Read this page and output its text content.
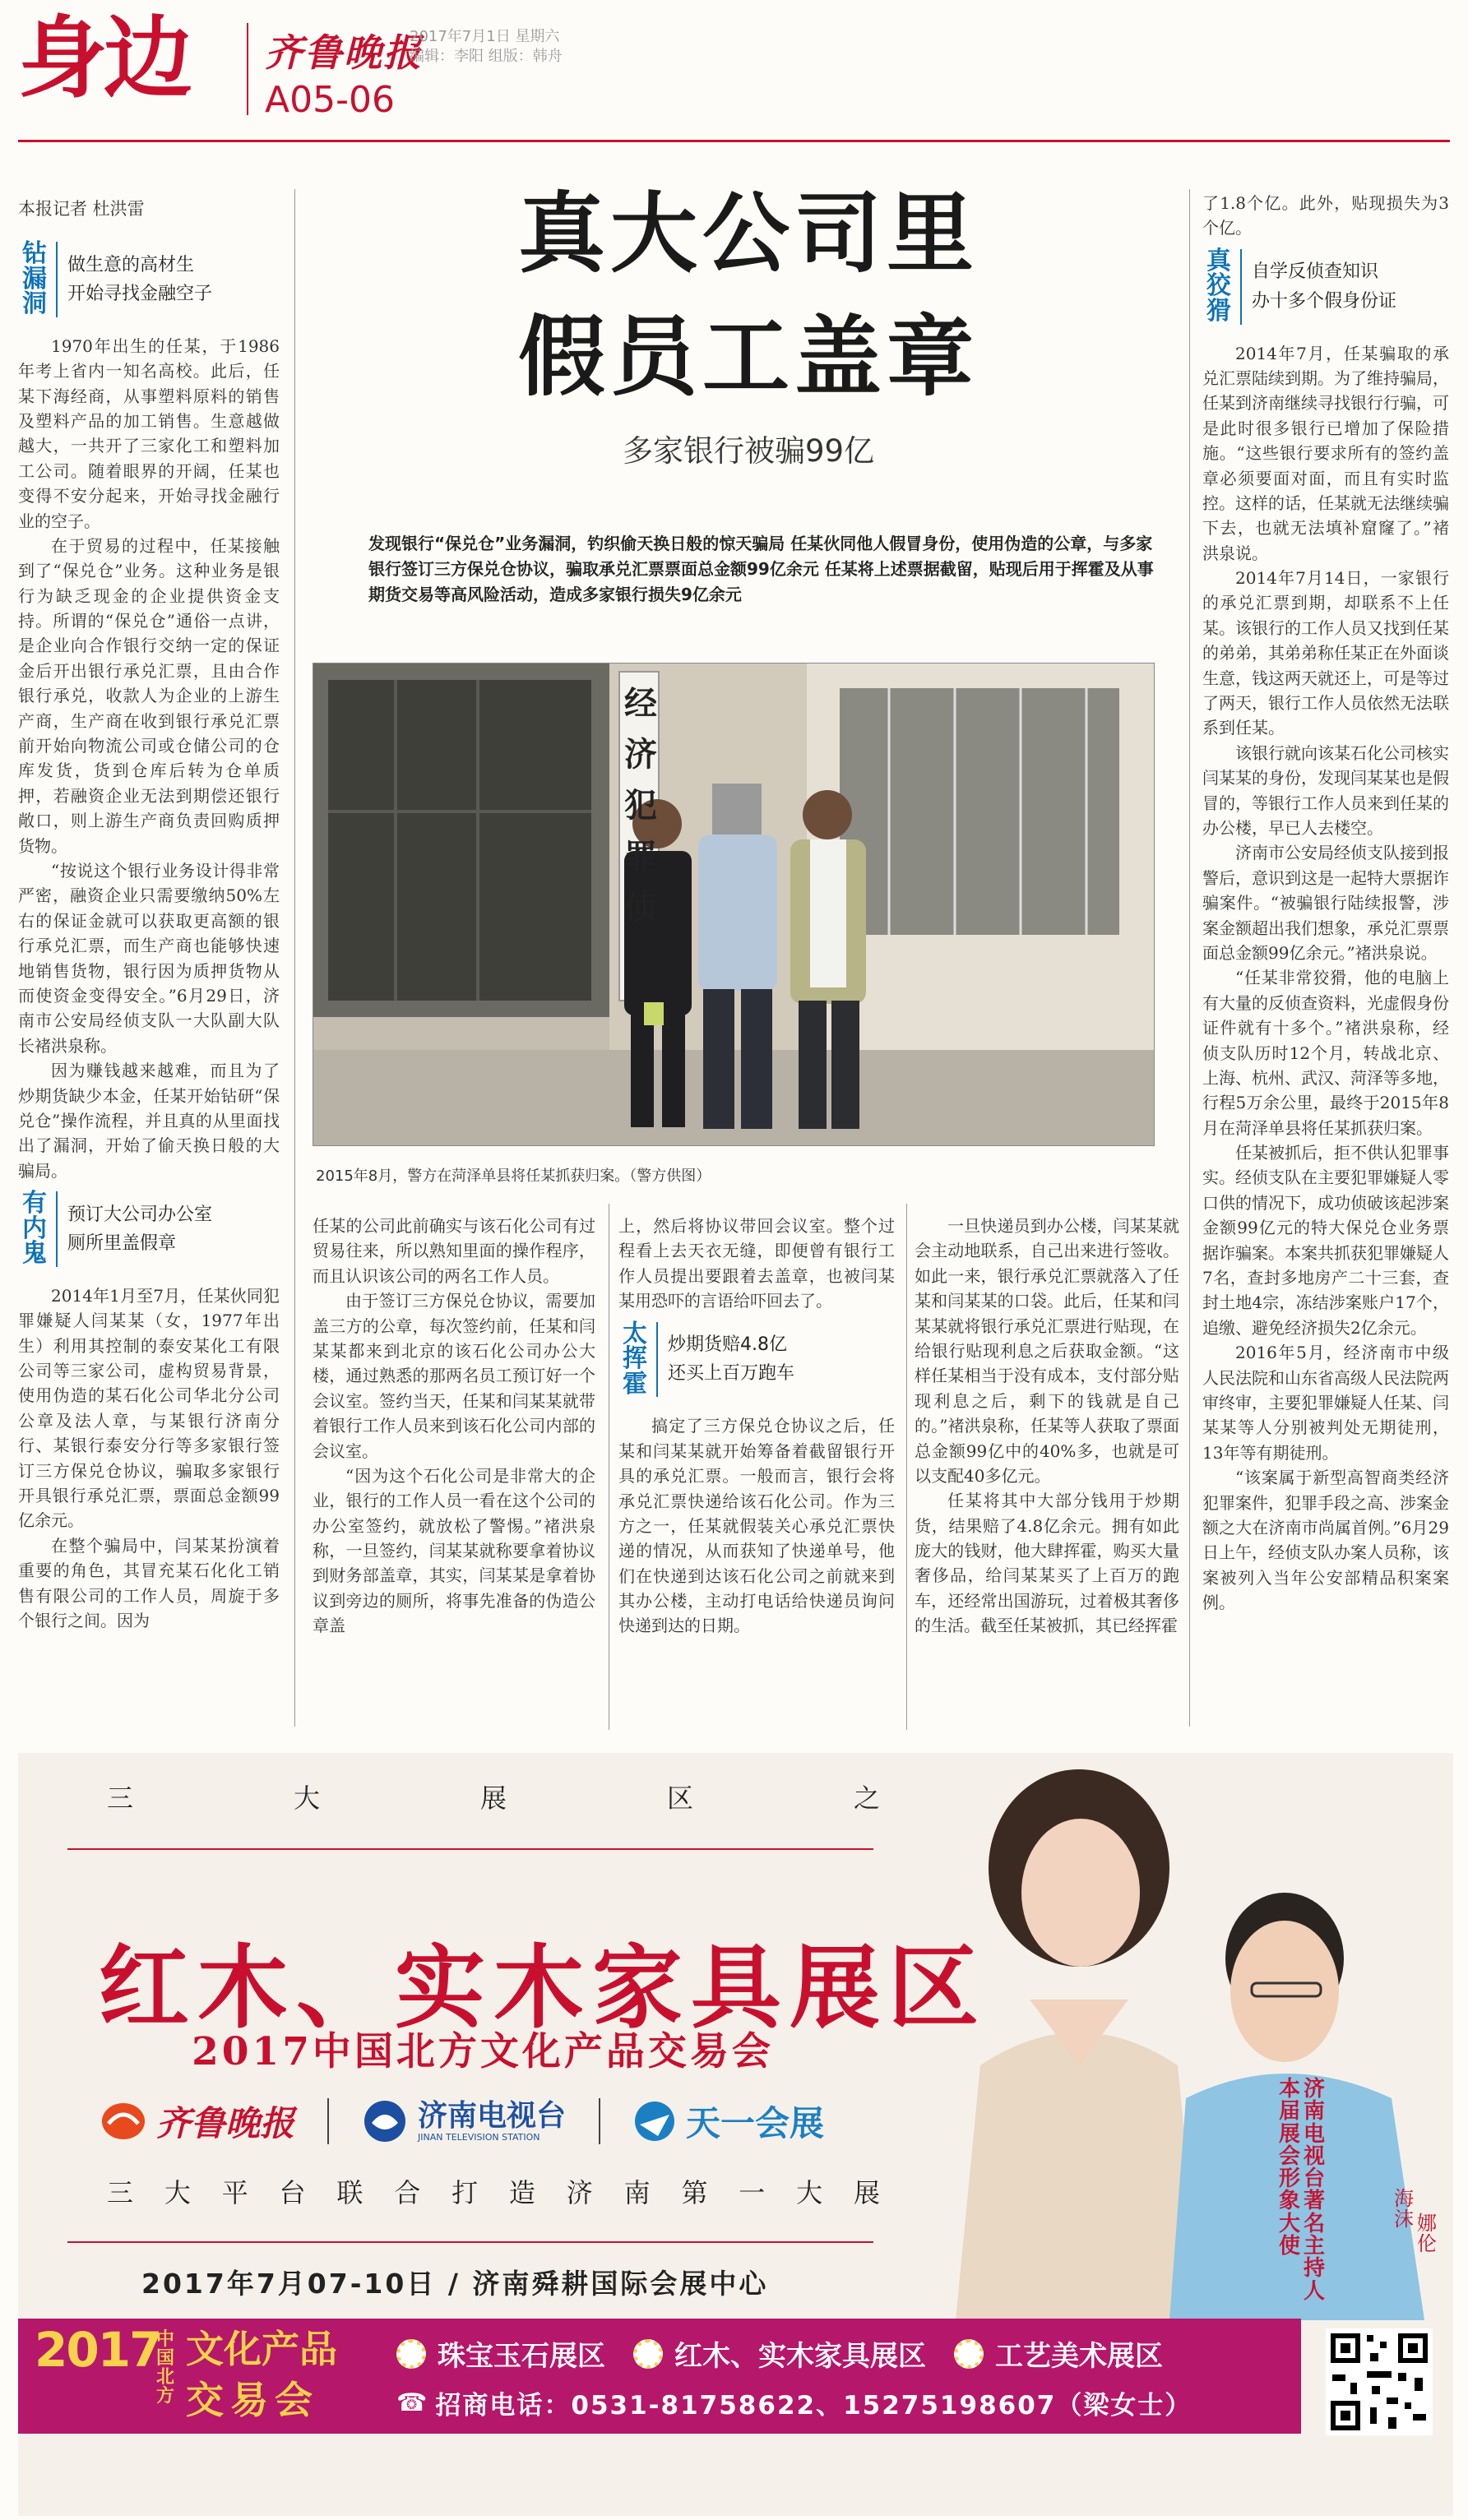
身边 齐鲁晚报
A05-06
2017年7月1日 星期六
编辑：李阳 组版：韩舟
本报记者 杜洪雷
钻漏洞
做生意的高材生
开始寻找金融空子

1970年出生的任某，于1986年考上省内一知名高校。此后，任某下海经商，从事塑料原料的销售及塑料产品的加工销售。生意越做越大，一共开了三家化工和塑料加工公司。随着眼界的开阔，任某也变得不安分起来，开始寻找金融行业的空子。

在于贸易的过程中，任某接触到了“保兑仓”业务。这种业务是银行为缺乏现金的企业提供资金支持。所谓的“保兑仓”通俗一点讲，是企业向合作银行交纳一定的保证金后开出银行承兑汇票，且由合作银行承兑，收款人为企业的上游生产商，生产商在收到银行承兑汇票前开始向物流公司或仓储公司的仓库发货，货到仓库后转为仓单质押，若融资企业无法到期偿还银行敞口，则上游生产商负责回购质押货物。

“按说这个银行业务设计得非常严密，融资企业只需要缴纳50%左右的保证金就可以获取更高额的银行承兑汇票，而生产商也能够快速地销售货物，银行因为质押货物从而使资金变得安全。”6月29日，济南市公安局经侦支队一大队副大队长褚洪泉称。

因为赚钱越来越难，而且为了炒期货缺少本金，任某开始钻研“保兑仓”操作流程，并且真的从里面找出了漏洞，开始了偷天换日般的大骗局。

有内鬼
预订大公司办公室
厕所里盖假章

2014年1月至7月，任某伙同犯罪嫌疑人闫某某（女，1977年出生）利用其控制的泰安某化工有限公司等三家公司，虚构贸易背景，使用伪造的某石化公司华北分公司公章及法人章，与某银行济南分行、某银行泰安分行等多家银行签订三方保兑仓协议，骗取多家银行开具银行承兑汇票，票面总金额99亿余元。

在整个骗局中，闫某某扮演着重要的角色，其冒充某石化化工销售有限公司的工作人员，周旋于多个银行之间。因为

真大公司里
假员工盖章
多家银行被骗99亿
发现银行“保兑仓”业务漏洞，钓织偷天换日般的惊天骗局 任某伙同他人假冒身份，使用伪造的公章，与多家银行签订三方保兑仓协议，骗取承兑汇票票面总金额99亿余元 任某将上述票据截留，贴现后用于挥霍及从事期货交易等高风险活动，造成多家银行损失9亿余元
经济犯罪侦
2015年8月，警方在菏泽单县将任某抓获归案。（警方供图）

任某的公司此前确实与该石化公司有过贸易往来，所以熟知里面的操作程序，而且认识该公司的两名工作人员。

由于签订三方保兑仓协议，需要加盖三方的公章，每次签约前，任某和闫某某都来到北京的该石化公司办公大楼，通过熟悉的那两名员工预订好一个会议室。签约当天，任某和闫某某就带着银行工作人员来到该石化公司内部的会议室。

“因为这个石化公司是非常大的企业，银行的工作人员一看在这个公司的办公室签约，就放松了警惕。”褚洪泉称，一旦签约，闫某某就称要拿着协议到财务部盖章，其实，闫某某是拿着协议到旁边的厕所，将事先准备的伪造公章盖

上，然后将协议带回会议室。整个过程看上去天衣无缝，即便曾有银行工作人员提出要跟着去盖章，也被闫某某用恐吓的言语给吓回去了。

太挥霍
炒期货赔4.8亿
还买上百万跑车

搞定了三方保兑仓协议之后，任某和闫某某就开始筹备着截留银行开具的承兑汇票。一般而言，银行会将承兑汇票快递给该石化公司。作为三方之一，任某就假装关心承兑汇票快递的情况，从而获知了快递单号，他们在快递到达该石化公司之前就来到其办公楼，主动打电话给快递员询问快递到达的日期。

一旦快递员到办公楼，闫某某就会主动地联系，自己出来进行签收。如此一来，银行承兑汇票就落入了任某和闫某某的口袋。此后，任某和闫某某就将银行承兑汇票进行贴现，在给银行贴现利息之后获取金额。“这样任某相当于没有成本，支付部分贴现利息之后，剩下的钱就是自己的。”褚洪泉称，任某等人获取了票面总金额99亿中的40%多，也就是可以支配40多亿元。

任某将其中大部分钱用于炒期货，结果赔了4.8亿余元。拥有如此庞大的钱财，他大肆挥霍，购买大量奢侈品，给闫某某买了上百万的跑车，还经常出国游玩，过着极其奢侈的生活。截至任某被抓，其已经挥霍

了1.8个亿。此外，贴现损失为3个亿。

真狡猾
自学反侦查知识
办十多个假身份证

2014年7月，任某骗取的承兑汇票陆续到期。为了维持骗局，任某到济南继续寻找银行行骗，可是此时很多银行已增加了保险措施。“这些银行要求所有的签约盖章必须要面对面，而且有实时监控。这样的话，任某就无法继续骗下去，也就无法填补窟窿了。”褚洪泉说。

2014年7月14日，一家银行的承兑汇票到期，却联系不上任某。该银行的工作人员又找到任某的弟弟，其弟弟称任某正在外面谈生意，钱这两天就还上，可是等过了两天，银行工作人员依然无法联系到任某。

该银行就向该某石化公司核实闫某某的身份，发现闫某某也是假冒的，等银行工作人员来到任某的办公楼，早已人去楼空。

济南市公安局经侦支队接到报警后，意识到这是一起特大票据诈骗案件。“被骗银行陆续报警，涉案金额超出我们想象，承兑汇票票面总金额99亿余元。”褚洪泉说。

“任某非常狡猾，他的电脑上有大量的反侦查资料，光虚假身份证件就有十多个。”褚洪泉称，经侦支队历时12个月，转战北京、上海、杭州、武汉、菏泽等多地，行程5万余公里，最终于2015年8月在菏泽单县将任某抓获归案。

任某被抓后，拒不供认犯罪事实。经侦支队在主要犯罪嫌疑人零口供的情况下，成功侦破该起涉案金额99亿元的特大保兑仓业务票据诈骗案。本案共抓获犯罪嫌疑人7名，查封多地房产二十三套，查封土地4宗，冻结涉案账户17个，追缴、避免经济损失2亿余元。

2016年5月，经济南市中级人民法院和山东省高级人民法院两审终审，主要犯罪嫌疑人任某、闫某某等人分别被判处无期徒刑，13年等有期徒刑。

“该案属于新型高智商类经济犯罪案件，犯罪手段之高、涉案金额之大在济南市尚属首例。”6月29日上午，经侦支队办案人员称，该案被列入当年公安部精品积案案例。

三	大	展	区	之
红木、实木家具展区
2017中国北方文化产品交易会
齐鲁晚报	济南电视台
JINAN TELEVISION STATION	天一会展
三 大 平 台 联 合 打 造 济 南 第 一 大 展
2017年7月07-10日 / 济南舜耕国际会展中心
本届展会形象大使
济南电视台著名主持人
海沫 娜伦
2017
中国北方
文化产品
交易会
珠宝玉石展区 红木、实木家具展区 工艺美术展区
☎ 招商电话：0531-81758622、15275198607（梁女士）
